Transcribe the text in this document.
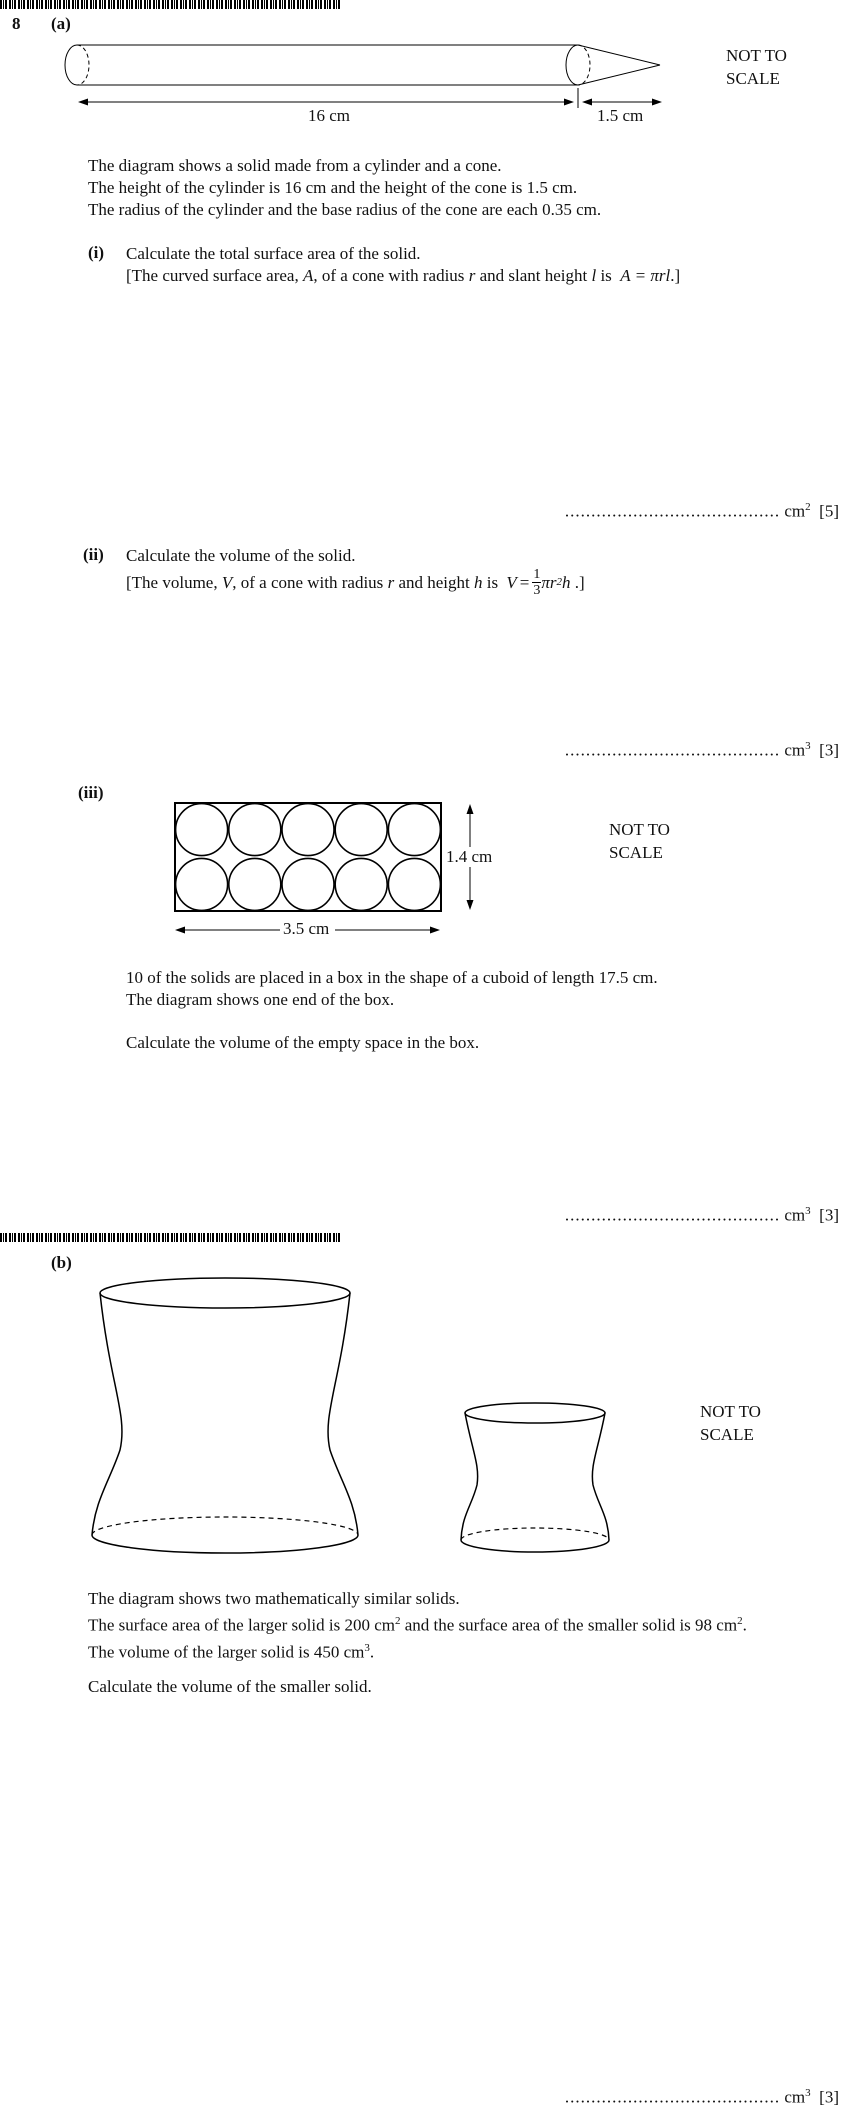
8 (a)
16 cm	1.5 cm
NOT TO
SCALE
The diagram shows a solid made from a cylinder and a cone.
The height of the cylinder is 16 cm and the height of the cone is 1.5 cm.
The radius of the cylinder and the base radius of the cone are each 0.35 cm.
(i) Calculate the total surface area of the solid.
[The curved surface area, A, of a cone with radius r and slant height l is  A = πrl.]
......................................... $cm^2$ [5]
(ii) Calculate the volume of the solid.
[The volume, V , of a cone with radius r and height h is $V = \frac{1}{3}$ πr 2 h .]
......................................... $cm^3$ [3]
(iii)
1.4 cm
3.5 cm
NOT TO
SCALE
10 of the solids are placed in a box in the shape of a cuboid of length 17.5 cm.
The diagram shows one end of the box.
Calculate the volume of the empty space in the box.
......................................... $cm^3$ [3]
(b)
NOT TO
SCALE
The diagram shows two mathematically similar solids.
The surface area of the larger solid is 200 $cm^2$ and the surface area of the smaller solid is 98 $cm^2$.
The volume of the larger solid is 450 $cm^3$.
Calculate the volume of the smaller solid.
......................................... $cm^3$ [3]
